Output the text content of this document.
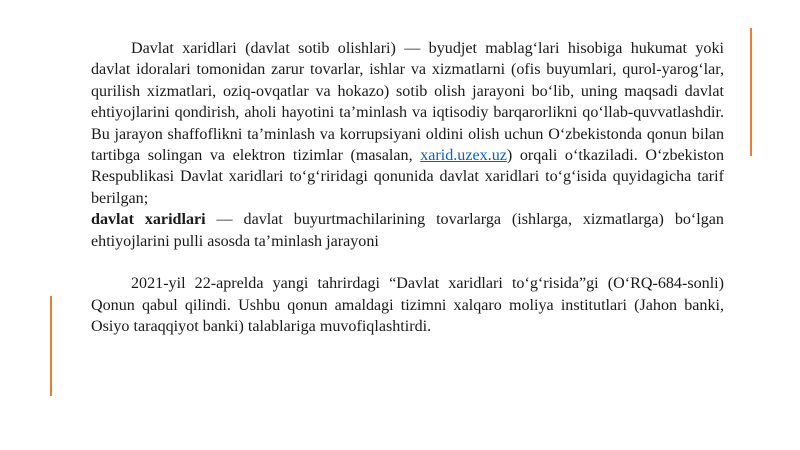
Davlat xaridlari (davlat sotib olishlari) — byudjet mablag‘lari hisobiga hukumat yoki davlat idoralari tomonidan zarur tovarlar, ishlar va xizmatlarni (ofis buyumlari, qurol-yarog‘lar, qurilish xizmatlari, oziq-ovqatlar va hokazo) sotib olish jarayoni bo‘lib, uning maqsadi davlat ehtiyojlarini qondirish, aholi hayotini ta’minlash va iqtisodiy barqarorlikni qo‘llab-quvvatlashdir. Bu jarayon shaffoflikni ta’minlash va korrupsiyani oldini olish uchun O‘zbekistonda qonun bilan tartibga solingan va elektron tizimlar (masalan, xarid.uzex.uz) orqali o‘tkaziladi. O‘zbekiston Respublikasi Davlat xaridlari to‘g‘riridagi qonunida davlat xaridlari to‘g‘isida quyidagicha tarif berilgan;

davlat xaridlari — davlat buyurtmachilarining tovarlarga (ishlarga, xizmatlarga) bo‘lgan ehtiyojlarini pulli asosda ta’minlash jarayoni

2021-yil 22-aprelda yangi tahrirdagi “Davlat xaridlari to‘g‘risida”gi (O‘RQ-684-sonli) Qonun qabul qilindi. Ushbu qonun amaldagi tizimni xalqaro moliya institutlari (Jahon banki, Osiyo taraqqiyot banki) talablariga muvofiqlashtirdi.
